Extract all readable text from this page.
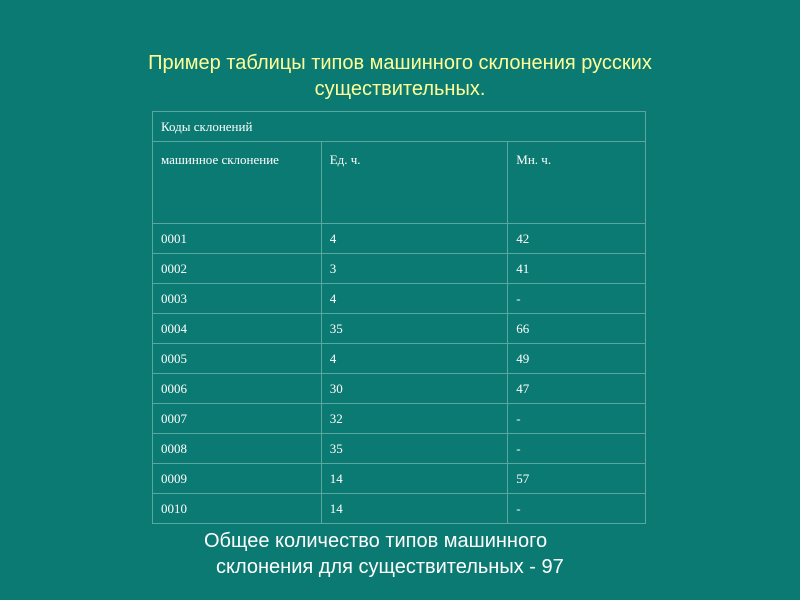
Пример таблицы типов машинного склонения русских существительных.
Коды склонений		
машинное склонение	Ед. ч.	Мн. ч.
0001	4	42
0002	3	41
0003	4	-
0004	35	66
0005	4	49
0006	30	47
0007	32	-
0008	35	-
0009	14	57
0010	14	-
Общее количество типов машинного
склонения для существительных - 97
